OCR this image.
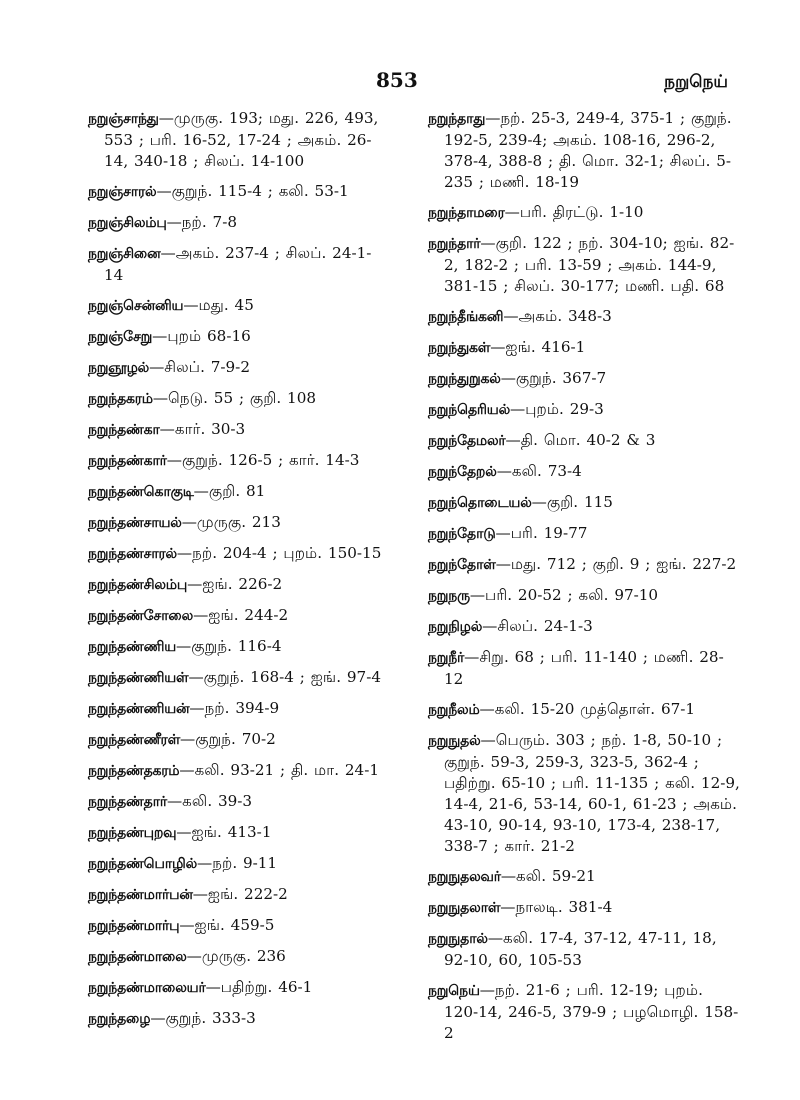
853	நறுநெய்
நறுஞ்சாந்து—முருகு. 193; மது. 226, 493, 553 ; பரி. 16-52, 17-24 ; அகம். 26-14, 340-18 ; சிலப். 14-100
நறுஞ்சாரல்—குறுந். 115-4 ; கலி. 53-1
நறுஞ்சிலம்பு—நற். 7-8
நறுஞ்சினை—அகம். 237-4 ; சிலப். 24-1-14
நறுஞ்சென்னிய—மது. 45
நறுஞ்சேறு—புறம் 68-16
நறுஞூழல்—சிலப். 7-9-2
நறுந்தகரம்—நெடு. 55 ; குறி. 108
நறுந்தண்கா—கார். 30-3
நறுந்தண்கார்—குறுந். 126-5 ; கார். 14-3
நறுந்தண்கொகுடி—குறி. 81
நறுந்தண்சாயல்—முருகு. 213
நறுந்தண்சாரல்—நற். 204-4 ; புறம். 150-15
நறுந்தண்சிலம்பு—ஐங். 226-2
நறுந்தண்சோலை—ஐங். 244-2
நறுந்தண்ணிய—குறுந். 116-4
நறுந்தண்ணியள்—குறுந். 168-4 ; ஐங். 97-4
நறுந்தண்ணியன்—நற். 394-9
நறுந்தண்ணீரள்—குறுந். 70-2
நறுந்தண்தகரம்—கலி. 93-21 ; தி. மா. 24-1
நறுந்தண்தார்—கலி. 39-3
நறுந்தண்புறவு—ஐங். 413-1
நறுந்தண்பொழில்—நற். 9-11
நறுந்தண்மார்பன்—ஐங். 222-2
நறுந்தண்மார்பு—ஐங். 459-5
நறுந்தண்மாலை—முருகு. 236
நறுந்தண்மாலையர்—பதிற்று. 46-1
நறுந்தழை—குறுந். 333-3
நறுந்தாது—நற். 25-3, 249-4, 375-1 ; குறுந். 192-5, 239-4; அகம். 108-16, 296-2, 378-4, 388-8 ; தி. மொ. 32-1; சிலப். 5-235 ; மணி. 18-19
நறுந்தாமரை—பரி. திரட்டு. 1-10
நறுந்தார்—குறி. 122 ; நற். 304-10; ஐங். 82-2, 182-2 ; பரி. 13-59 ; அகம். 144-9, 381-15 ; சிலப். 30-177; மணி. பதி. 68
நறுந்தீங்கனி—அகம். 348-3
நறுந்துகள்—ஐங். 416-1
நறுந்துறுகல்—குறுந். 367-7
நறுந்தெரியல்—புறம். 29-3
நறுந்தேமலர்—தி. மொ. 40-2 & 3
நறுந்தேறல்—கலி. 73-4
நறுந்தொடையல்—குறி. 115
நறுந்தோடு—பரி. 19-77
நறுந்தோள்—மது. 712 ; குறி. 9 ; ஐங். 227-2
நறுநரு—பரி. 20-52 ; கலி. 97-10
நறுநிழல்—சிலப். 24-1-3
நறுநீர்—சிறு. 68 ; பரி. 11-140 ; மணி. 28-12
நறுநீலம்—கலி. 15-20 முத்தொள். 67-1
நறுநுதல்—பெரும். 303 ; நற். 1-8, 50-10 ; குறுந். 59-3, 259-3, 323-5, 362-4 ; பதிற்று. 65-10 ; பரி. 11-135 ; கலி. 12-9, 14-4, 21-6, 53-14, 60-1, 61-23 ; அகம். 43-10, 90-14, 93-10, 173-4, 238-17, 338-7 ; கார். 21-2
நறுநுதலவர்—கலி. 59-21
நறுநுதலாள்—நாலடி. 381-4
நறுநுதால்—கலி. 17-4, 37-12, 47-11, 18, 92-10, 60, 105-53
நறுநெய்—நற். 21-6 ; பரி. 12-19; புறம். 120-14, 246-5, 379-9 ; பழமொழி. 158-2
